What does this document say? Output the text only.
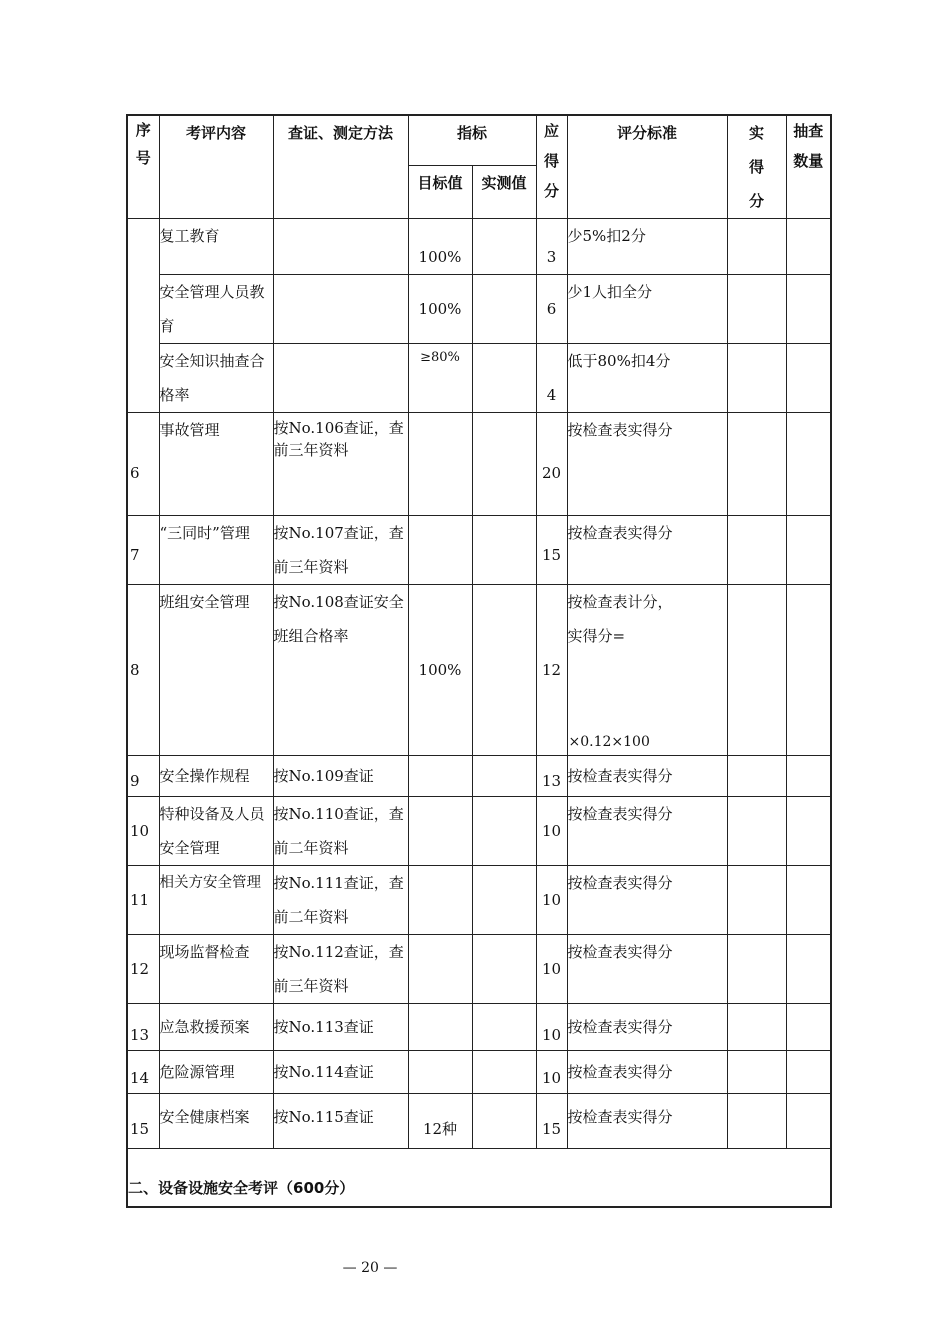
序号	考评内容	查证、测定方法	指标		应得分	评分标准	实得分	抽查数量
			目标值	实测值				
	复工教育		100%		3	少5%扣2分		
	安全管理人员教育		100%		6	少1人扣全分		
	安全知识抽查合格率		≥80%		4	低于80%扣4分		
6	事故管理	按No.106查证，查前三年资料			20	按检查表实得分		
7	“三同时”管理	按No.107查证，查前三年资料			15	按检查表实得分		
8	班组安全管理	按No.108查证安全班组合格率	100%		12	按检查表计分，实得分=
×0.12×100		

9	安全操作规程	按No.109查证			13	按检查表实得分		
10	特种设备及人员安全管理	按No.110查证，查前二年资料			10	按检查表实得分		
11	相关方安全管理	按No.111查证，查前二年资料			10	按检查表实得分		
12	现场监督检查	按No.112查证，查前三年资料			10	按检查表实得分		
13	应急救援预案	按No.113查证			10	按检查表实得分		
14	危险源管理	按No.114查证			10	按检查表实得分		
15	安全健康档案	按No.115查证	12种		15	按检查表实得分		
二、设备设施安全考评（600分）								
— 20 —
